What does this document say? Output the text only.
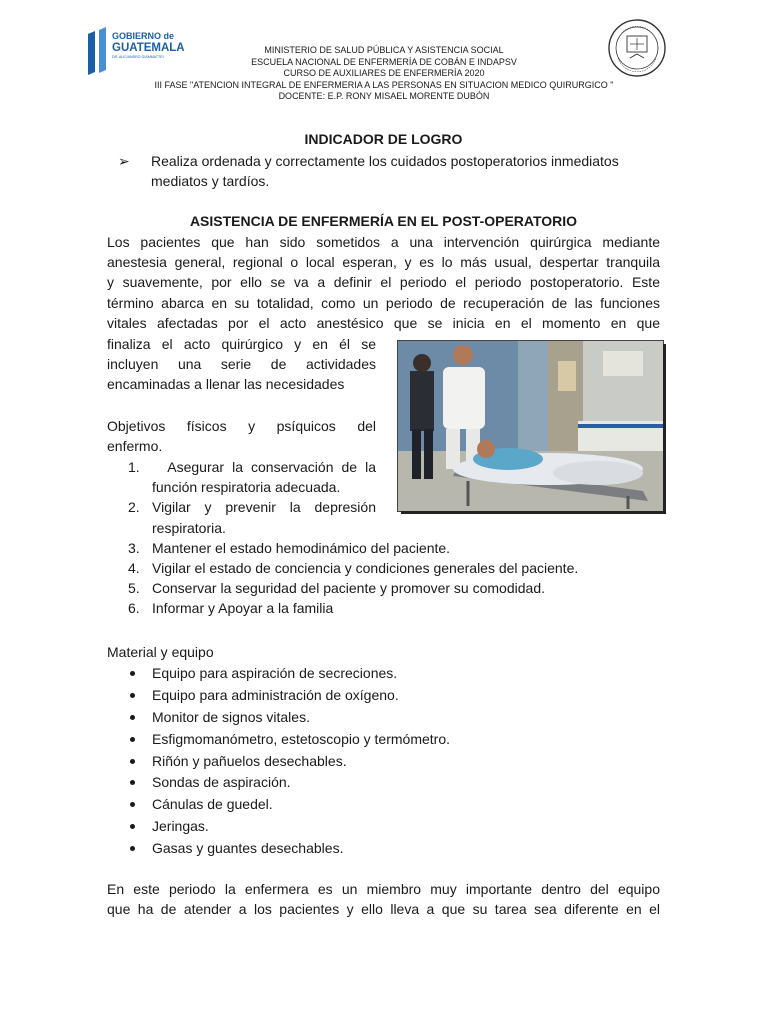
GOBIERNO de
GUATEMALA
DR. ALEJANDRO GIAMMATTEI
MINISTERIO DE SALUD PÚBLICA Y ASISTENCIA SOCIAL
ESCUELA NACIONAL DE ENFERMERÍA DE COBÁN E INDAPSV
CURSO DE AUXILIARES DE ENFERMERÍA 2020
III FASE "ATENCION INTEGRAL DE ENFERMERIA A LAS PERSONAS EN SITUACION MEDICO QUIRURGICO "
DOCENTE: E.P. RONY MISAEL MORENTE DUBÓN
INDICADOR DE LOGRO
➢	Realiza ordenada y correctamente los cuidados postoperatorios inmediatos mediatos y tardíos.
ASISTENCIA DE ENFERMERÍA EN EL POST-OPERATORIO
Los pacientes que han sido sometidos a una intervención quirúrgica mediante
anestesia general, regional o local esperan, y es lo más usual, despertar tranquila
y suavemente, por ello se va a definir el periodo el periodo postoperatorio. Este
término abarca en su totalidad, como un periodo de recuperación de las funciones
vitales afectadas por el acto anestésico que se inicia en el momento en que
finaliza el acto quirúrgico y en él se
incluyen una serie de actividades
encaminadas a llenar las necesidades
Objetivos físicos y psíquicos del
enfermo.
1. Asegurar la conservación de la
función respiratoria adecuada.
2. Vigilar y prevenir la depresión
respiratoria.
3. Mantener el estado hemodinámico del paciente.
4. Vigilar el estado de conciencia y condiciones generales del paciente.
5. Conservar la seguridad del paciente y promover su comodidad.
6. Informar y Apoyar a la familia
Material y equipo
Equipo para aspiración de secreciones.
Equipo para administración de oxígeno.
Monitor de signos vitales.
Esfigmomanómetro, estetoscopio y termómetro.
Riñón y pañuelos desechables.
Sondas de aspiración.
Cánulas de guedel.
Jeringas.
Gasas y guantes desechables.
En este periodo la enfermera es un miembro muy importante dentro del equipo
que ha de atender a los pacientes y ello lleva a que su tarea sea diferente en el
